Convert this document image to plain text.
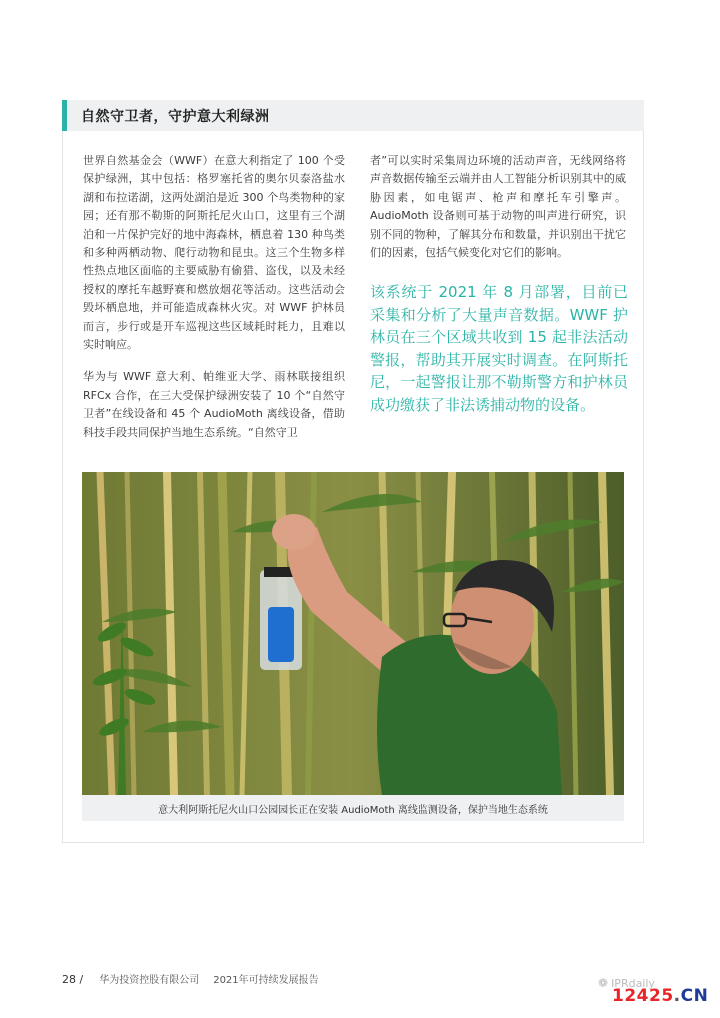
自然守卫者，守护意大利绿洲

世界自然基金会（WWF）在意大利指定了 100 个受保护绿洲，其中包括：格罗塞托省的奥尔贝泰洛盐水湖和布拉诺湖，这两处湖泊是近 300 个鸟类物种的家园；还有那不勒斯的阿斯托尼火山口，这里有三个湖泊和一片保护完好的地中海森林，栖息着 130 种鸟类和多种两栖动物、爬行动物和昆虫。这三个生物多样性热点地区面临的主要威胁有偷猎、盗伐，以及未经授权的摩托车越野赛和燃放烟花等活动。这些活动会毁坏栖息地，并可能造成森林火灾。对 WWF 护林员而言，步行或是开车巡视这些区域耗时耗力，且难以实时响应。

华为与 WWF 意大利、帕维亚大学、雨林联接组织 RFCx 合作，在三大受保护绿洲安装了 10 个“自然守卫者”在线设备和 45 个 AudioMoth 离线设备，借助科技手段共同保护当地生态系统。“自然守卫

者”可以实时采集周边环境的活动声音，无线网络将声音数据传输至云端并由人工智能分析识别其中的威胁因素，如电锯声、枪声和摩托车引擎声。AudioMoth 设备则可基于动物的叫声进行研究，识别不同的物种，了解其分布和数量，并识别出干扰它们的因素，包括气候变化对它们的影响。

该系统于 2021 年 8 月部署，目前已采集和分析了大量声音数据。WWF 护林员在三个区域共收到 15 起非法活动警报，帮助其开展实时调查。在阿斯托尼，一起警报让那不勒斯警方和护林员成功缴获了非法诱捕动物的设备。
意大利阿斯托尼火山口公园园长正在安装 AudioMoth 离线监测设备，保护当地生态系统
28 / 华为投资控股有限公司 2021年可持续发展报告	❁ IPRdaily
12425.CN
